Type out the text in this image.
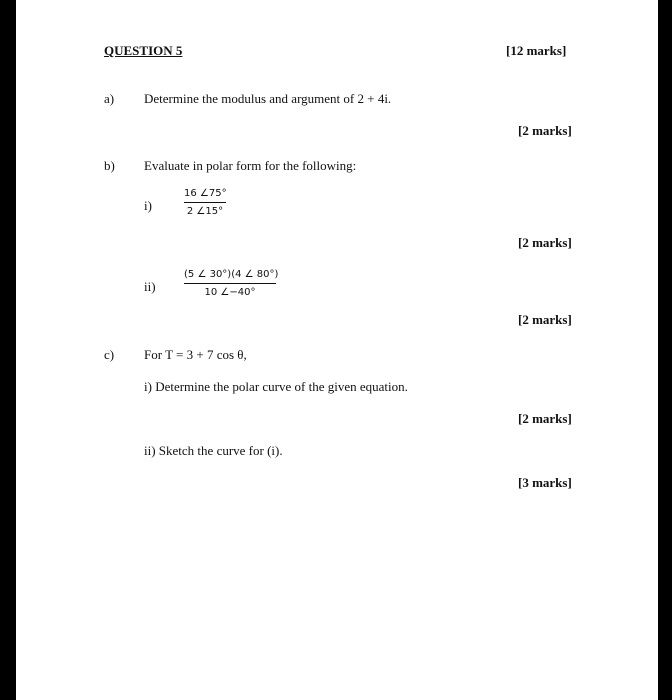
QUESTION 5	[12 marks]
a) Determine the modulus and argument of 2 + 4i.
[2 marks]
b) Evaluate in polar form for the following:
i)
16 ∠75°
2 ∠15°
[2 marks]
ii)
(5 ∠ 30°)(4 ∠ 80°)
10 ∠−40°
[2 marks]
c) For T = 3 + 7 cos θ,
i) Determine the polar curve of the given equation.
[2 marks]
ii) Sketch the curve for (i).
[3 marks]
